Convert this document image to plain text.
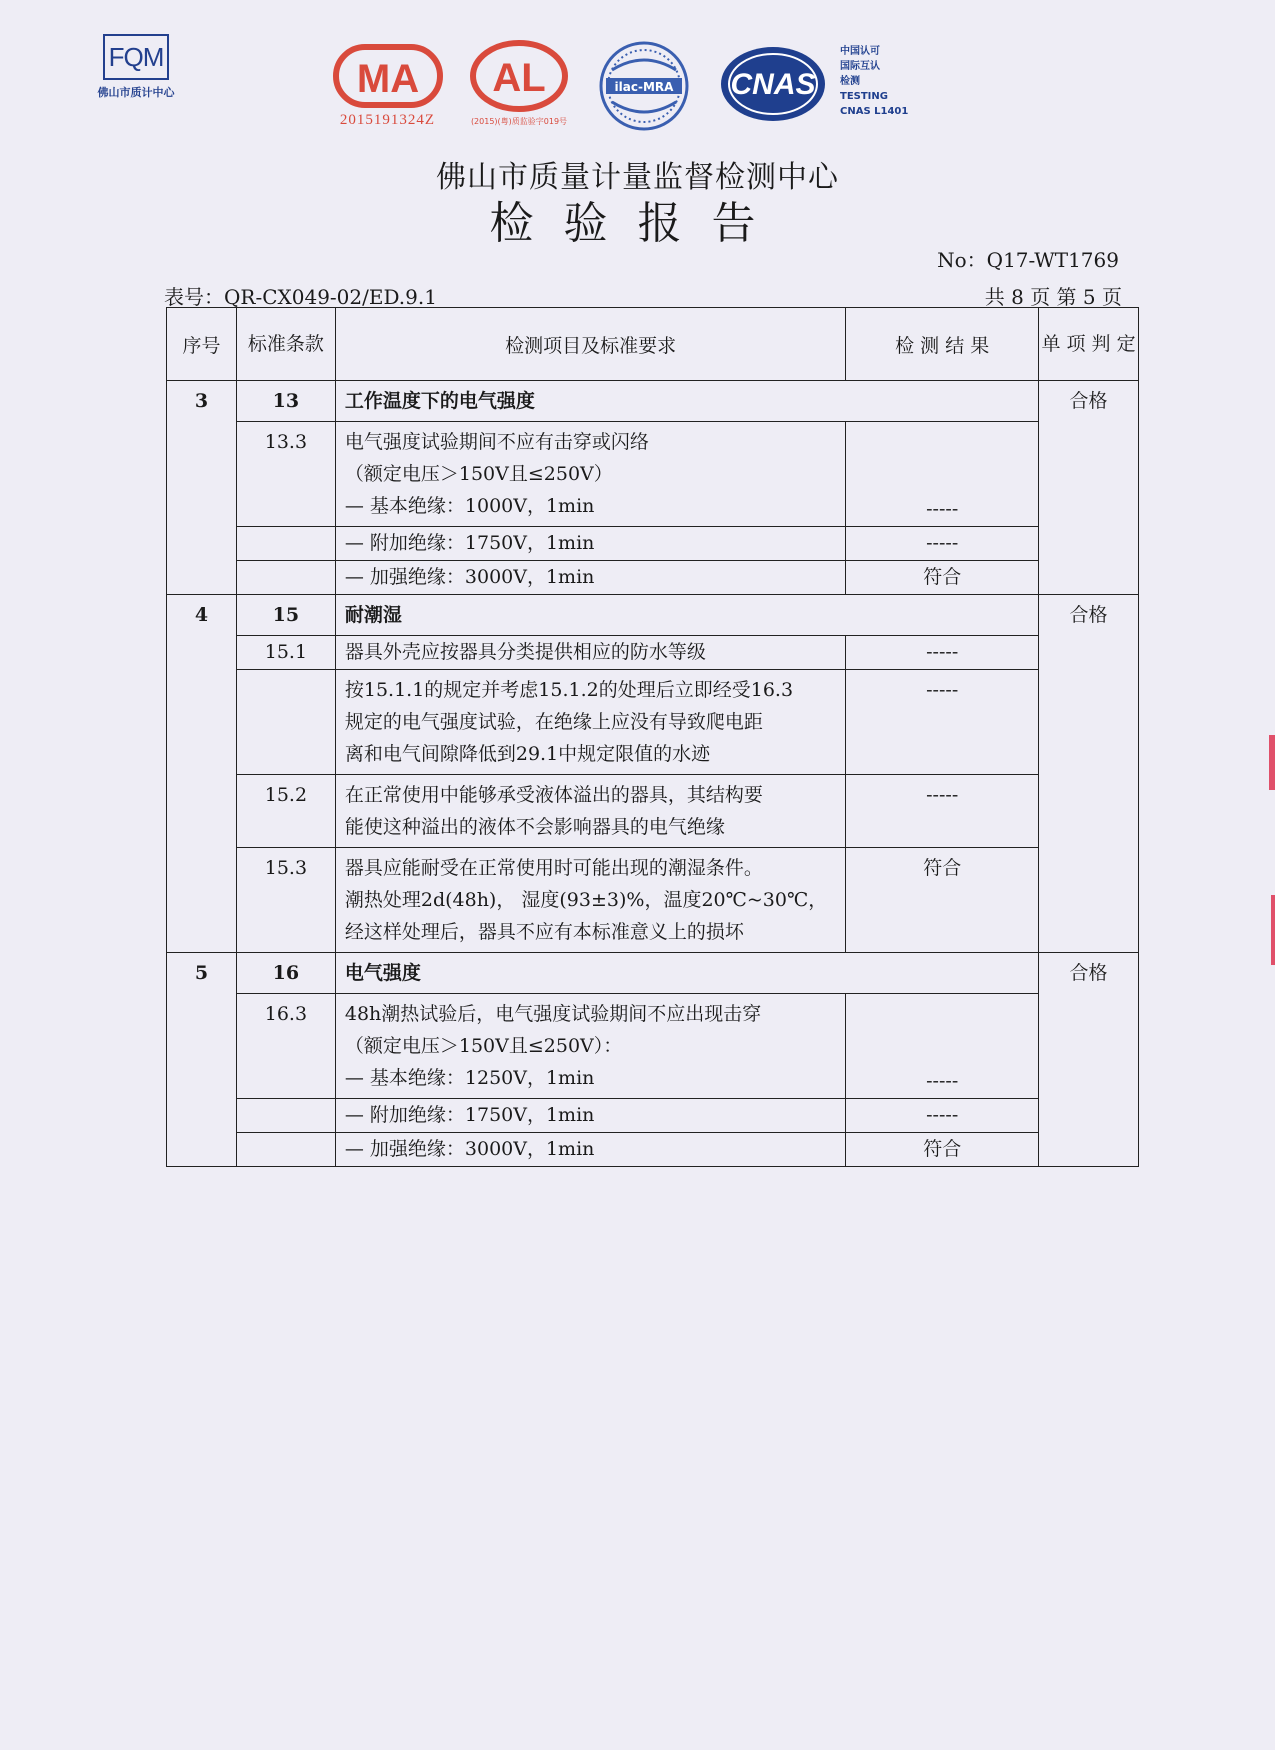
FQM
佛山市质计中心	MA
2015191324Z
AL
(2015)(粤)质监验字019号
ilac-MRA CNAS
中国认可
国际互认
检测
TESTING
CNAS L1401
佛山市质量计量监督检测中心
检验报告
No：Q17-WT1769
表号：QR-CX049-02/ED.9.1	共 8 页 第 5 页
序号	标准条款	检测项目及标准要求	检 测 结 果	单 项 判 定
3	13	工作温度下的电气强度		合格
	13.3	电气强度试验期间不应有击穿或闪络
（额定电压＞150V且≤250V）
— 基本绝缘：1000V，1min	-----	

		— 附加绝缘：1750V，1min	-----	

		— 加强绝缘：3000V，1min	符合	
4	15	耐潮湿		合格
	15.1	器具外壳应按器具分类提供相应的防水等级	-----	

		按15.1.1的规定并考虑15.1.2的处理后立即经受16.3
规定的电气强度试验，在绝缘上应没有导致爬电距
离和电气间隙降低到29.1中规定限值的水迹	-----	
	15.2	在正常使用中能够承受液体溢出的器具，其结构要
能使这种溢出的液体不会影响器具的电气绝缘	-----	
	15.3	器具应能耐受在正常使用时可能出现的潮湿条件。
潮热处理2d(48h)， 湿度(93±3)%，温度20℃~30℃，
经这样处理后，器具不应有本标准意义上的损坏	符合	
5	16	电气强度		合格
	16.3	48h潮热试验后，电气强度试验期间不应出现击穿
（额定电压＞150V且≤250V）：
— 基本绝缘：1250V，1min	-----	

		— 附加绝缘：1750V，1min	-----	

		— 加强绝缘：3000V，1min	符合	
